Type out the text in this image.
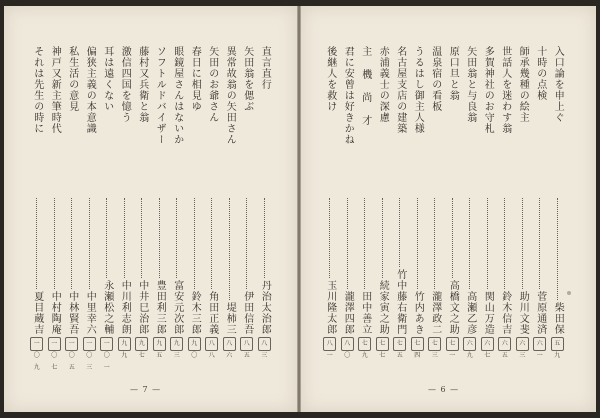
直言直行
丹治太治郎
八三
矢田翁を偲ぶ
伊田信吾
八五
異常故翁の矢田さん
堤柿三
八六
矢田のお爺さん
角田正義
八八
春日に相見ゆ
鈴木三郎
九〇
眼鏡屋さんはないか
富安元次郎
九三
ソフトルドバイザー
豊田利三郎
九五
藤村又兵衛と翁
中井巳治郎
九七
激信四国を憶う
中川利志朗
九九
耳は遠くない
永瀬松之輔
一〇一
偏狭主義の本意識
中里幸六
一〇三
私生活の意見
中林賢吾
一〇五
神戸又新主筆時代
中村陶庵
一〇七
それは先生の時に
夏目蔵吉
一〇九
— 7 —
入口論を申上ぐ
柴田保
五九
十時の点検
菅原通済
六一
師承幾種の絵主
助川文斐
六三
世話人を迷わす翁
鈴木信吉
六五
多賀神社のお守札
関山万造
六七
矢田翁と与良翁
高瀬乙彦
六九
原口旦と翁
高橋文之助
七一
温泉宿の看板
瀧澤政二
七三
うるはし御主人様
竹内あき
七四
名古屋支店の建築
竹中藤右衛門
七五
赤浦義士の深慮
続家寅之助
七七
主 機 尚 才
田中善立
七九
君に安曾は好きかね
瀧澤四郎
八〇
後継人を救け
玉川隆太郎
八一
— 6 —
